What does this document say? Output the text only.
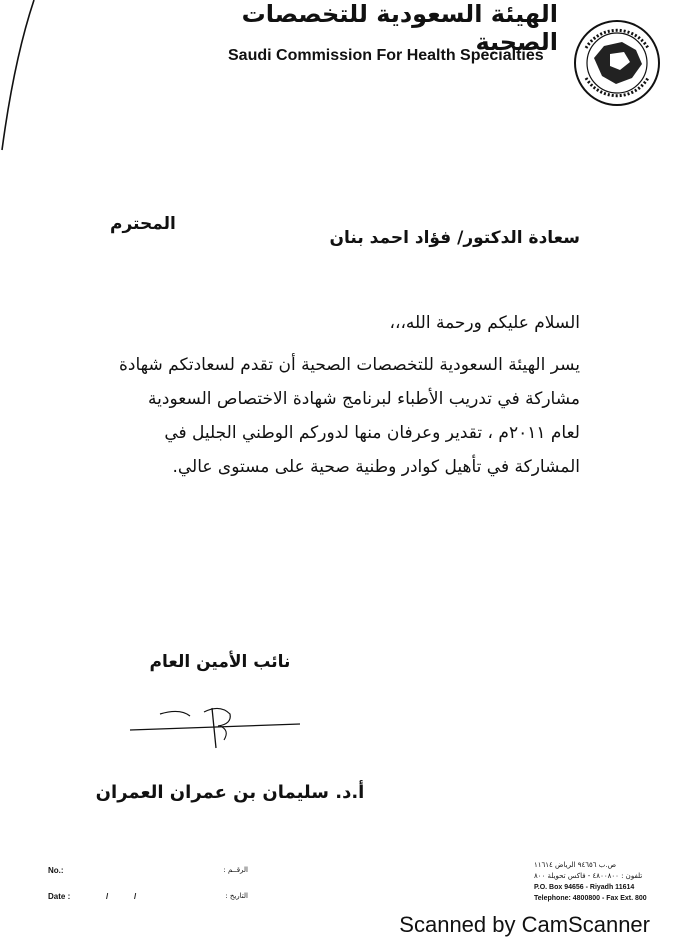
الهيئة السعودية للتخصصات الصحية
Saudi Commission For Health Specialties
المحترم
سعادة الدكتور/ فؤاد احمد بنان
السلام عليكم ورحمة الله،،،

يسر الهيئة السعودية للتخصصات الصحية أن تقدم لسعادتكم شهادة

مشاركة في تدريب الأطباء لبرنامج شهادة الاختصاص السعودية

لعام ٢٠١١م ، تقدير وعرفان منها لدوركم الوطني الجليل في

المشاركة في تأهيل كوادر وطنية صحية على مستوى عالي.

نائب الأمين العام
أ.د. سليمان بن عمران العمران
No.:	الرقــم :
Date :	/	/	التاريخ :
ص.ب ٩٤٦٥٦ الرياض ١١٦١٤
تلفون : ٤٨٠٠٨٠٠ - فاكس تحويلة ٨٠٠
P.O. Box 94656 - Riyadh 11614
Telephone: 4800800 - Fax Ext. 800
Scanned by CamScanner
